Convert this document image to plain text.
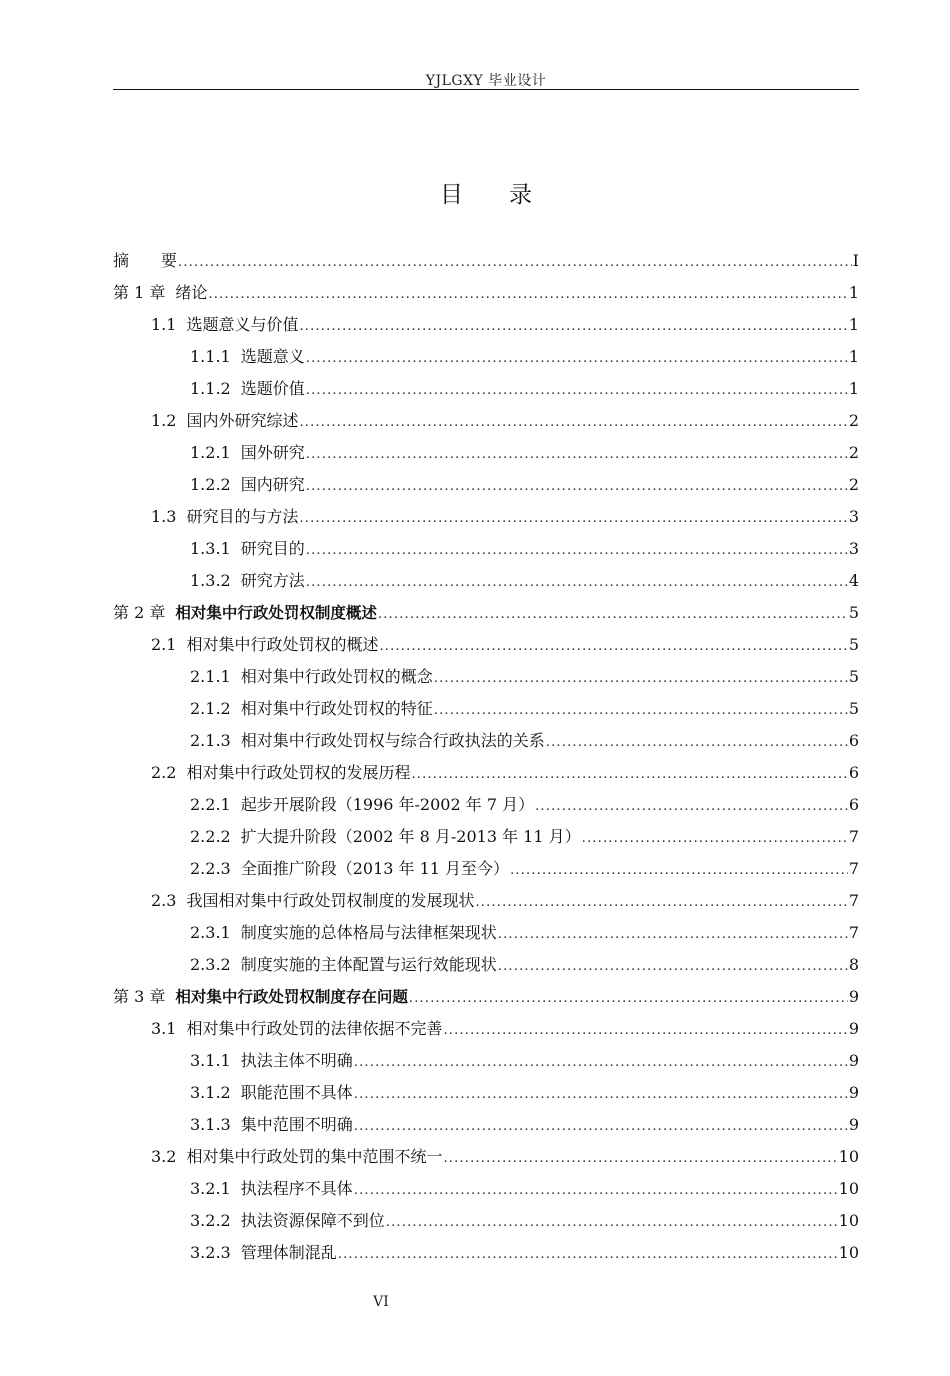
YJLGXY 毕业设计
目　　录
摘　　要 .....	I
第 1 章 绪论 .....	1
1.1 选题意义与价值 .....	1
1.1.1 选题意义 .....	1
1.1.2 选题价值 .....	1
1.2 国内外研究综述 .....	2
1.2.1 国外研究 .....	2
1.2.2 国内研究 .....	2
1.3 研究目的与方法 .....	3
1.3.1 研究目的 .....	3
1.3.2 研究方法 .....	4
第 2 章 相对集中行政处罚权制度概述 .....	5
2.1 相对集中行政处罚权的概述 .....	5
2.1.1 相对集中行政处罚权的概念 .....	5
2.1.2 相对集中行政处罚权的特征 .....	5
2.1.3 相对集中行政处罚权与综合行政执法的关系 .....	6
2.2 相对集中行政处罚权的发展历程 .....	6
2.2.1 起步开展阶段（1996 年-2002 年 7 月） .....	6
2.2.2 扩大提升阶段（2002 年 8 月-2013 年 11 月） .....	7
2.2.3 全面推广阶段（2013 年 11 月至今） .....	7
2.3 我国相对集中行政处罚权制度的发展现状 .....	7
2.3.1 制度实施的总体格局与法律框架现状 .....	7
2.3.2 制度实施的主体配置与运行效能现状 .....	8
第 3 章 相对集中行政处罚权制度存在问题 .....	9
3.1 相对集中行政处罚的法律依据不完善 .....	9
3.1.1 执法主体不明确 .....	9
3.1.2 职能范围不具体 .....	9
3.1.3 集中范围不明确 .....	9
3.2 相对集中行政处罚的集中范围不统一 .....	10
3.2.1 执法程序不具体 .....	10
3.2.2 执法资源保障不到位 .....	10
3.2.3 管理体制混乱 .....	10
VI
